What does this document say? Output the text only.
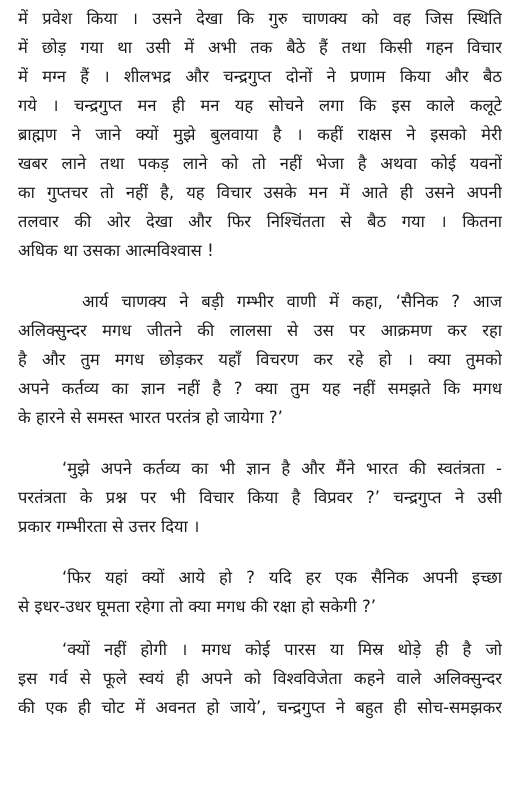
में प्रवेश किया । उसने देखा कि गुरु चाणक्य को वह जिस स्थिति
में छोड़ गया था उसी में अभी तक बैठे हैं तथा किसी गहन विचार
में मग्न हैं । शीलभद्र और चन्द्रगुप्त दोनों ने प्रणाम किया और बैठ
गये । चन्द्रगुप्त मन ही मन यह सोचने लगा कि इस काले कलूटे
ब्राह्मण ने जाने क्यों मुझे बुलवाया है । कहीं राक्षस ने इसको मेरी
खबर लाने तथा पकड़ लाने को तो नहीं भेजा है अथवा कोई यवनों
का गुप्तचर तो नहीं है, यह विचार उसके मन में आते ही उसने अपनी
तलवार की ओर देखा और फिर निश्चिंतता से बैठ गया । कितना
अधिक था उसका आत्मविश्वास !
आर्य चाणक्य ने बड़ी गम्भीर वाणी में कहा, ‘सैनिक ? आज
अलिक्सुन्दर मगध जीतने की लालसा से उस पर आक्रमण कर रहा
है और तुम मगध छोड़कर यहाँ विचरण कर रहे हो । क्या तुमको
अपने कर्तव्य का ज्ञान नहीं है ? क्या तुम यह नहीं समझते कि मगध
के हारने से समस्त भारत परतंत्र हो जायेगा ?’
‘मुझे अपने कर्तव्य का भी ज्ञान है और मैंने भारत की स्वतंत्रता -
परतंत्रता के प्रश्न पर भी विचार किया है विप्रवर ?’ चन्द्रगुप्त ने उसी
प्रकार गम्भीरता से उत्तर दिया ।
‘फिर यहां क्यों आये हो ? यदि हर एक सैनिक अपनी इच्छा
से इधर-उधर घूमता रहेगा तो क्या मगध की रक्षा हो सकेगी ?’
‘क्यों नहीं होगी । मगध कोई पारस या मिस्र थोड़े ही है जो
इस गर्व से फूले स्वयं ही अपने को विश्वविजेता कहने वाले अलिक्सुन्दर
की एक ही चोट में अवनत हो जाये’, चन्द्रगुप्त ने बहुत ही सोच-समझकर
